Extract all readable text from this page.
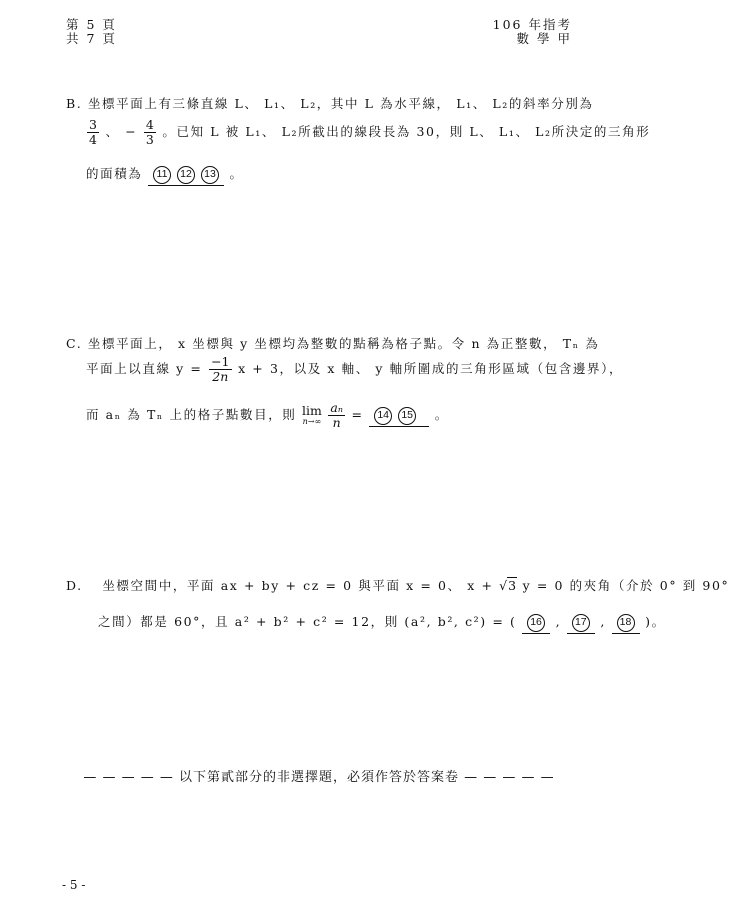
第 5 頁
共 7 頁
106 年指考
數 學 甲
B. 坐標平面上有三條直線 L、 L₁、 L₂，其中 L 為水平線， L₁、 L₂的斜率分別為
$\frac{3}{4}$ 、 − $\frac{4}{3}$ 。已知 L 被 L₁、 L₂所截出的線段長為 30，則 L、 L₁、 L₂所決定的三角形
的面積為 11 12 13 。
C. 坐標平面上， x 坐標與 y 坐標均為整數的點稱為格子點。令 n 為正整數， Tₙ 為
平面上以直線 $y = \frac{-1}{2n}$ x + 3，以及 x 軸、 y 軸所圍成的三角形區域（包含邊界），
而 aₙ 為 Tₙ 上的格子點數目，則 lim
n→∞
$\frac{\text{aₙ}}{n} = 14$ 15 。
D. 坐標空間中，平面 ax + by + cz = 0 與平面 x = 0、 x + √3 y = 0 的夾角（介於 0° 到 90°
之間）都是 60°，且 a² + b² + c² = 12，則 (a², b², c²) = ( 16 , 17 , 18 )。
— — — — — 以下第貳部分的非選擇題，必須作答於答案卷 — — — — —
- 5 -
